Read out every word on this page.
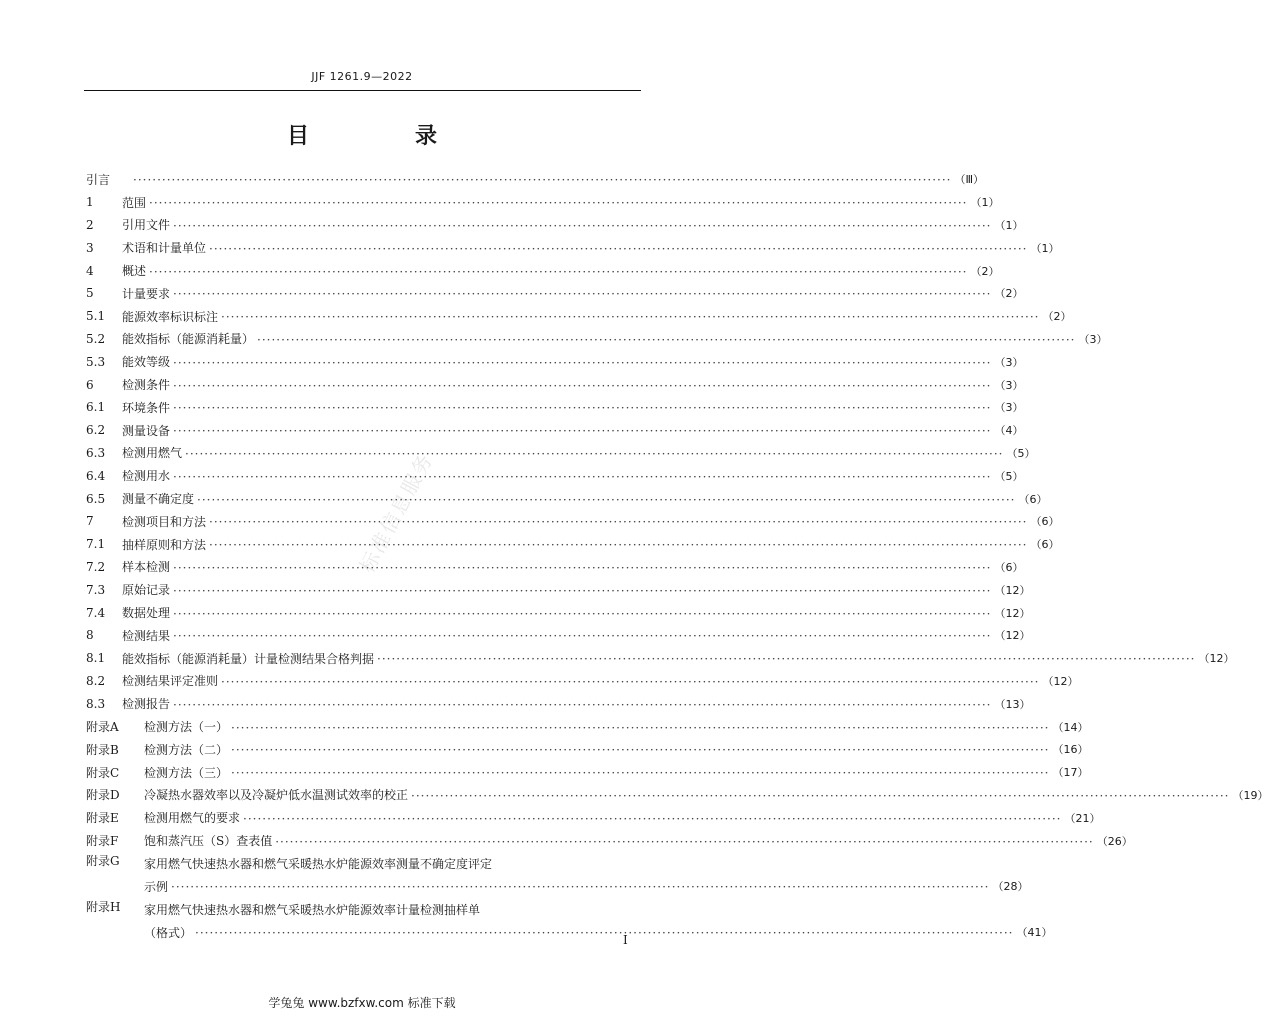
JJF 1261.9—2022
目　录
标准信息服务
引言 ·····	（Ⅲ）
1	范围 ·····	（1）
2	引用文件 ·····	（1）
3	术语和计量单位 ·····	（1）
4	概述 ·····	（2）
5	计量要求 ·····	（2）
5.1	能源效率标识标注 ·····	（2）
5.2	能效指标（能源消耗量） ·····	（3）
5.3	能效等级 ·····	（3）
6	检测条件 ·····	（3）
6.1	环境条件 ·····	（3）
6.2	测量设备 ·····	（4）
6.3	检测用燃气 ·····	（5）
6.4	检测用水 ·····	（5）
6.5	测量不确定度 ·····	（6）
7	检测项目和方法 ·····	（6）
7.1	抽样原则和方法 ·····	（6）
7.2	样本检测 ·····	（6）
7.3	原始记录 ·····	（12）
7.4	数据处理 ·····	（12）
8	检测结果 ·····	（12）
8.1	能效指标（能源消耗量）计量检测结果合格判据 ·····	（12）
8.2	检测结果评定准则 ·····	（12）
8.3	检测报告 ·····	（13）
附录A	检测方法（一） ·····	（14）
附录B	检测方法（二） ·····	（16）
附录C	检测方法（三） ·····	（17）
附录D	冷凝热水器效率以及冷凝炉低水温测试效率的校正 ·····	（19）
附录E	检测用燃气的要求 ·····	（21）
附录F	饱和蒸汽压（S）查表值 ·····	（26）
附录G	家用燃气快速热水器和燃气采暖热水炉能源效率测量不确定度评定
示例 ·····	（28）
附录H	家用燃气快速热水器和燃气采暖热水炉能源效率计量检测抽样单
（格式） ·····	（41）
I
学兔兔 www.bzfxw.com 标准下载
